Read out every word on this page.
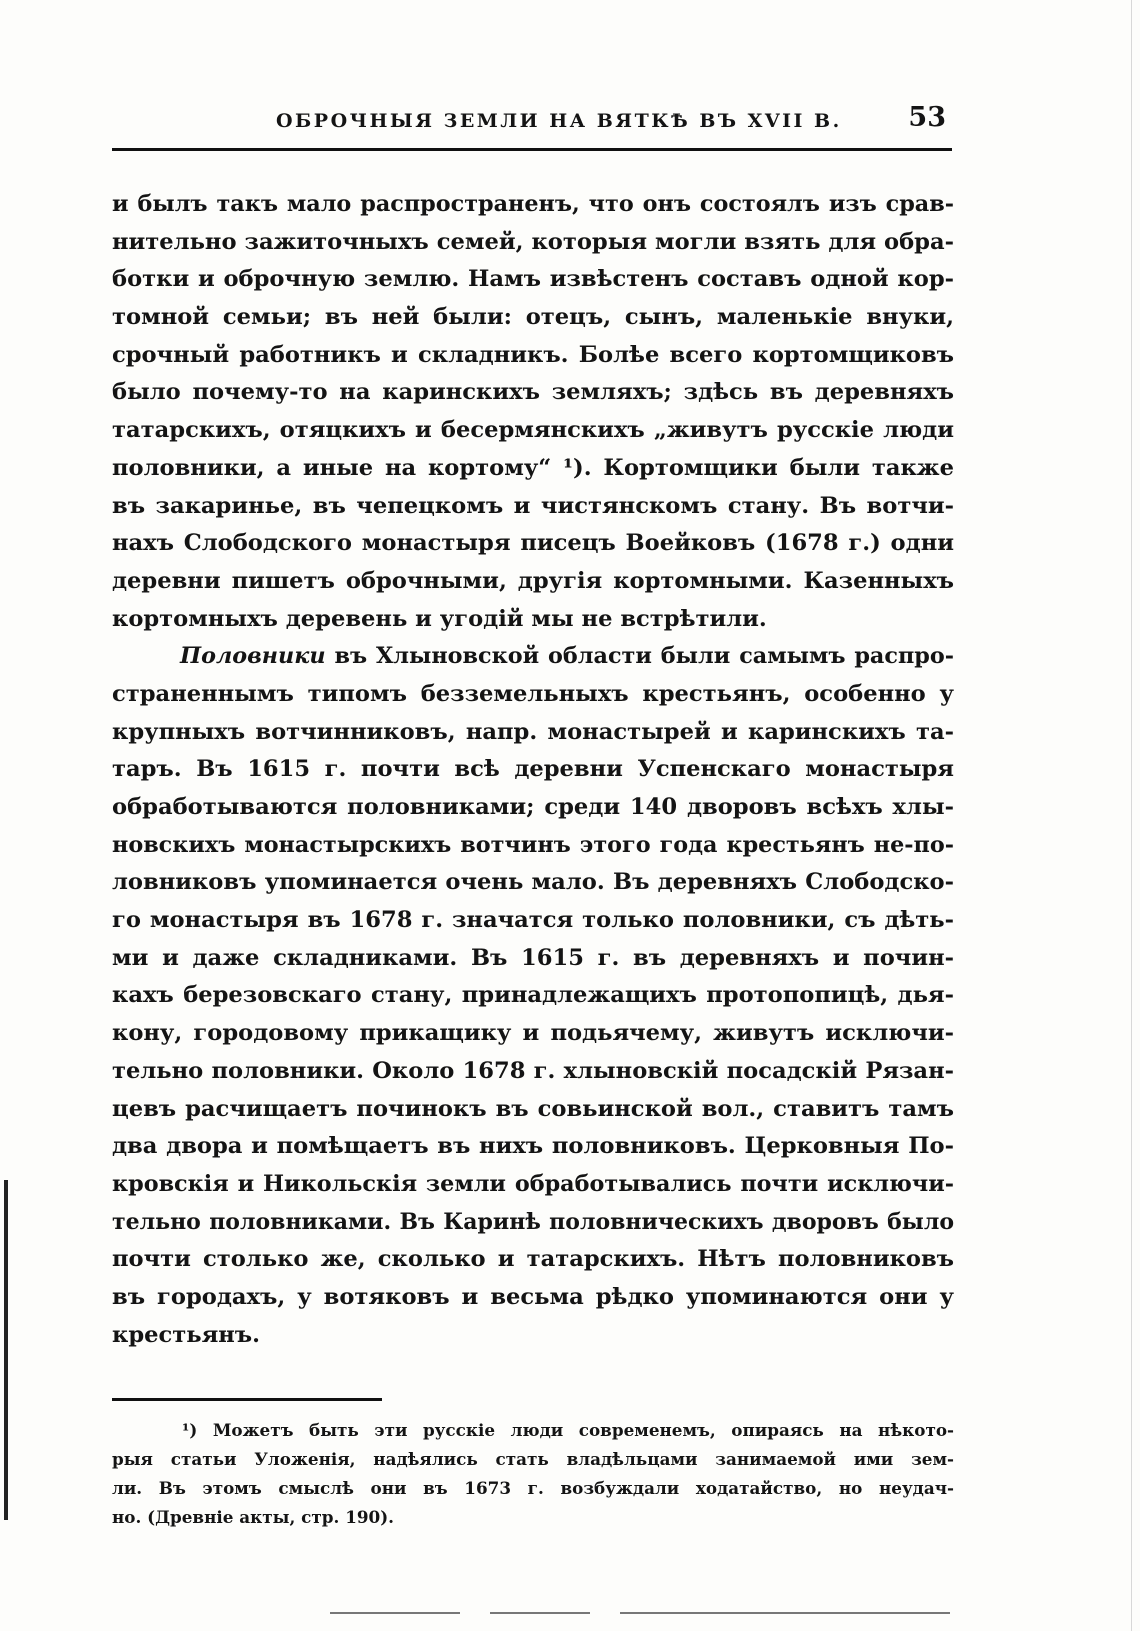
ОБРОЧНЫЯ ЗЕМЛИ НА ВЯТКѢ ВЪ XVII В. 53
и былъ такъ мало распространенъ, что онъ состоялъ изъ срав-
нительно зажиточныхъ семей, которыя могли взять для обра-
ботки и оброчную землю. Намъ извѣстенъ составъ одной кор-
томной семьи; въ ней были: отецъ, сынъ, маленькіе внуки,
срочный работникъ и складникъ. Болѣе всего кортомщиковъ
было почему-то на каринскихъ земляхъ; здѣсь въ деревняхъ
татарскихъ, отяцкихъ и бесермянскихъ „живутъ русскіе люди
половники, а иные на кортому“ ¹). Кортомщики были также
въ закаринье, въ чепецкомъ и чистянскомъ стану. Въ вотчи-
нахъ Слободского монастыря писецъ Воейковъ (1678 г.) одни
деревни пишетъ оброчными, другія кортомными. Казенныхъ
кортомныхъ деревень и угодій мы не встрѣтили.
Половники въ Хлыновской области были самымъ распро-
страненнымъ типомъ безземельныхъ крестьянъ, особенно у
крупныхъ вотчинниковъ, напр. монастырей и каринскихъ та-
таръ. Въ 1615 г. почти всѣ деревни Успенскаго монастыря
обработываются половниками; среди 140 дворовъ всѣхъ хлы-
новскихъ монастырскихъ вотчинъ этого года крестьянъ не-по-
ловниковъ упоминается очень мало. Въ деревняхъ Слободско-
го монастыря въ 1678 г. значатся только половники, съ дѣть-
ми и даже складниками. Въ 1615 г. въ деревняхъ и почин-
кахъ березовскаго стану, принадлежащихъ протопопицѣ, дья-
кону, городовому прикащику и подьячему, живутъ исключи-
тельно половники. Около 1678 г. хлыновскій посадскій Рязан-
цевъ расчищаетъ починокъ въ совьинской вол., ставитъ тамъ
два двора и помѣщаетъ въ нихъ половниковъ. Церковныя По-
кровскія и Никольскія земли обработывались почти исключи-
тельно половниками. Въ Каринѣ половническихъ дворовъ было
почти столько же, сколько и татарскихъ. Нѣтъ половниковъ
въ городахъ, у вотяковъ и весьма рѣдко упоминаются они у
крестьянъ.
¹) Можетъ быть эти русскіе люди современемъ, опираясь на нѣкото-
рыя статьи Уложенія, надѣялись стать владѣльцами занимаемой ими зем-
ли. Въ этомъ смыслѣ они въ 1673 г. возбуждали ходатайство, но неудач-
но. (Древніе акты, стр. 190).
